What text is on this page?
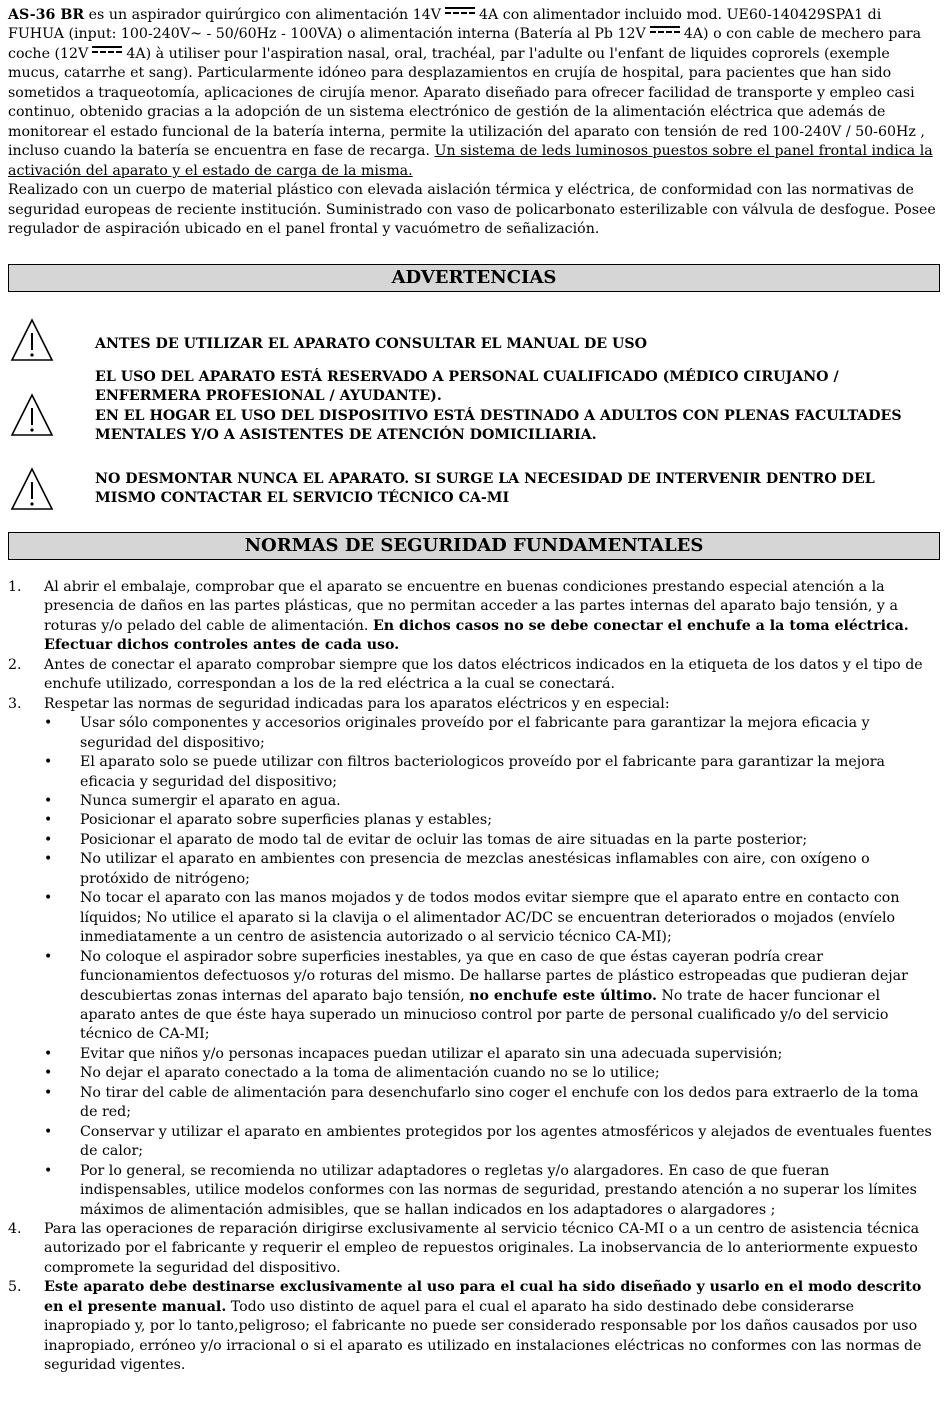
AS-36 BR es un aspirador quirúrgico con alimentación 14V	4A con alimentador incluido mod. UE60-140429SPA1 di FUHUA (input: 100-240V~ - 50/60Hz - 100VA) o alimentación interna (Batería al Pb 12V	4A) o con cable de mechero para coche (12V	4A) à utiliser pour l'aspiration nasal, oral, trachéal, par l'adulte ou l'enfant de liquides coprorels (exemple mucus, catarrhe et sang). Particularmente idóneo para desplazamientos en crujía de hospital, para pacientes que han sido sometidos a traqueotomía, aplicaciones de cirujía menor. Aparato diseñado para ofrecer facilidad de transporte y empleo casi continuo, obtenido gracias a la adopción de un sistema electrónico de gestión de la alimentación eléctrica que además de monitorear el estado funcional de la batería interna, permite la utilización del aparato con tensión de red 100-240V / 50-60Hz , incluso cuando la batería se encuentra en fase de recarga. Un sistema de leds luminosos puestos sobre el panel frontal indica la activación del aparato y el estado de carga de la misma.

Realizado con un cuerpo de material plástico con elevada aislación térmica y eléctrica, de conformidad con las normativas de seguridad europeas de reciente institución. Suministrado con vaso de policarbonato esterilizable con válvula de desfogue. Posee regulador de aspiración ubicado en el panel frontal y vacuómetro de señalización.

ADVERTENCIAS
ANTES DE UTILIZAR EL APARATO CONSULTAR EL MANUAL DE USO
EL USO DEL APARATO ESTÁ RESERVADO A PERSONAL CUALIFICADO (MÉDICO CIRUJANO / ENFERMERA PROFESIONAL / AYUDANTE).
EN EL HOGAR EL USO DEL DISPOSITIVO ESTÁ DESTINADO A ADULTOS CON PLENAS FACULTADES MENTALES Y/O A ASISTENTES DE ATENCIÓN DOMICILIARIA.
NO DESMONTAR NUNCA EL APARATO. SI SURGE LA NECESIDAD DE INTERVENIR DENTRO DEL MISMO CONTACTAR EL SERVICIO TÉCNICO CA-MI
NORMAS DE SEGURIDAD FUNDAMENTALES
1. Al abrir el embalaje, comprobar que el aparato se encuentre en buenas condiciones prestando especial atención a la presencia de daños en las partes plásticas, que no permitan acceder a las partes internas del aparato bajo tensión, y a roturas y/o pelado del cable de alimentación. En dichos casos no se debe conectar el enchufe a la toma eléctrica. Efectuar dichos controles antes de cada uso.
2. Antes de conectar el aparato comprobar siempre que los datos eléctricos indicados en la etiqueta de los datos y el tipo de enchufe utilizado, correspondan a los de la red eléctrica a la cual se conectará.
3. Respetar las normas de seguridad indicadas para los aparatos eléctricos y en especial:
• Usar sólo componentes y accesorios originales proveído por el fabricante para garantizar la mejora eficacia y seguridad del dispositivo;
• El aparato solo se puede utilizar con filtros bacteriologicos proveído por el fabricante para garantizar la mejora eficacia y seguridad del dispositivo;
• Nunca sumergir el aparato en agua.
• Posicionar el aparato sobre superficies planas y estables;
• Posicionar el aparato de modo tal de evitar de ocluir las tomas de aire situadas en la parte posterior;
• No utilizar el aparato en ambientes con presencia de mezclas anestésicas inflamables con aire, con oxígeno o protóxido de nitrógeno;
• No tocar el aparato con las manos mojados y de todos modos evitar siempre que el aparato entre en contacto con líquidos; No utilice el aparato si la clavija o el alimentador AC/DC se encuentran deteriorados o mojados (envíelo inmediatamente a un centro de asistencia autorizado o al servicio técnico CA-MI);
• No coloque el aspirador sobre superficies inestables, ya que en caso de que éstas cayeran podría crear funcionamientos defectuosos y/o roturas del mismo. De hallarse partes de plástico estropeadas que pudieran dejar descubiertas zonas internas del aparato bajo tensión, no enchufe este último. No trate de hacer funcionar el aparato antes de que éste haya superado un minucioso control por parte de personal cualificado y/o del servicio técnico de CA-MI;
• Evitar que niños y/o personas incapaces puedan utilizar el aparato sin una adecuada supervisión;
• No dejar el aparato conectado a la toma de alimentación cuando no se lo utilice;
• No tirar del cable de alimentación para desenchufarlo sino coger el enchufe con los dedos para extraerlo de la toma de red;
• Conservar y utilizar el aparato en ambientes protegidos por los agentes atmosféricos y alejados de eventuales fuentes de calor;
• Por lo general, se recomienda no utilizar adaptadores o regletas y/o alargadores. En caso de que fueran indispensables, utilice modelos conformes con las normas de seguridad, prestando atención a no superar los límites máximos de alimentación admisibles, que se hallan indicados en los adaptadores o alargadores ;
4. Para las operaciones de reparación dirigirse exclusivamente al servicio técnico CA-MI o a un centro de asistencia técnica autorizado por el fabricante y requerir el empleo de repuestos originales. La inobservancia de lo anteriormente expuesto compromete la seguridad del dispositivo.
5. Este aparato debe destinarse exclusivamente al uso para el cual ha sido diseñado y usarlo en el modo descrito en el presente manual. Todo uso distinto de aquel para el cual el aparato ha sido destinado debe considerarse inapropiado y, por lo tanto,peligroso; el fabricante no puede ser considerado responsable por los daños causados por uso inapropiado, erróneo y/o irracional o si el aparato es utilizado en instalaciones eléctricas no conformes con las normas de seguridad vigentes.
